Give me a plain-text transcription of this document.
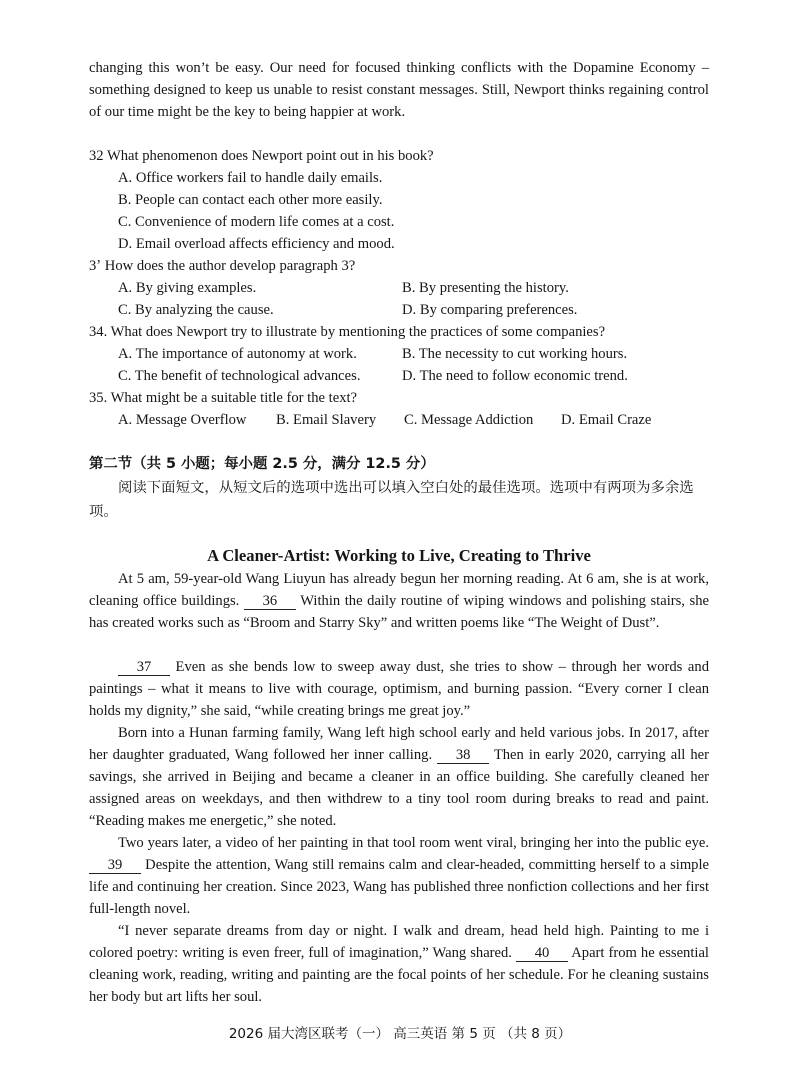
changing this won’t be easy. Our need for focused thinking conflicts with the Dopamine Economy – something designed to keep us unable to resist constant messages. Still, Newport thinks regaining control of our time might be the key to being happier at work.
32 What phenomenon does Newport point out in his book?
A. Office workers fail to handle daily emails.
B. People can contact each other more easily.
C. Convenience of modern life comes at a cost.
D. Email overload affects efficiency and mood.
3ʼ How does the author develop paragraph 3?
A. By giving examples.	B. By presenting the history.
C. By analyzing the cause.	D. By comparing preferences.
34. What does Newport try to illustrate by mentioning the practices of some companies?
A. The importance of autonomy at work.	B. The necessity to cut working hours.
C. The benefit of technological advances.	D. The need to follow economic trend.
35. What might be a suitable title for the text?
A. Message Overflow B. Email Slavery C. Message Addiction D. Email Craze
第二节（共 5 小题；每小题 2.5 分，满分 12.5 分）
阅读下面短文，从短文后的选项中选出可以填入空白处的最佳选项。选项中有两项为多余选项。
A Cleaner-Artist: Working to Live, Creating to Thrive
At 5 am, 59-year-old Wang Liuyun has already begun her morning reading. At 6 am, she is at work, cleaning office buildings. 36 Within the daily routine of wiping windows and polishing stairs, she has created works such as “Broom and Starry Sky” and written poems like “The Weight of Dust”.
37 Even as she bends low to sweep away dust, she tries to show – through her words and paintings – what it means to live with courage, optimism, and burning passion. “Every corner I clean holds my dignity,” she said, “while creating brings me great joy.”
Born into a Hunan farming family, Wang left high school early and held various jobs. In 2017, after her daughter graduated, Wang followed her inner calling. 38 Then in early 2020, carrying all her savings, she arrived in Beijing and became a cleaner in an office building. She carefully cleaned her assigned areas on weekdays, and then withdrew to a tiny tool room during breaks to read and paint. “Reading makes me energetic,” she noted.
Two years later, a video of her painting in that tool room went viral, bringing her into the public eye. 39 Despite the attention, Wang still remains calm and clear-headed, committing herself to a simple life and continuing her creation. Since 2023, Wang has published three nonfiction collections and her first full-length novel.
“I never separate dreams from day or night. I walk and dream, head held high. Painting to me i colored poetry: writing is even freer, full of imagination,” Wang shared. 40 Apart from he essential cleaning work, reading, writing and painting are the focal points of her schedule. For he cleaning sustains her body but art lifts her soul.
2026 届大湾区联考（一） 高三英语 第 5 页 （共 8 页）
